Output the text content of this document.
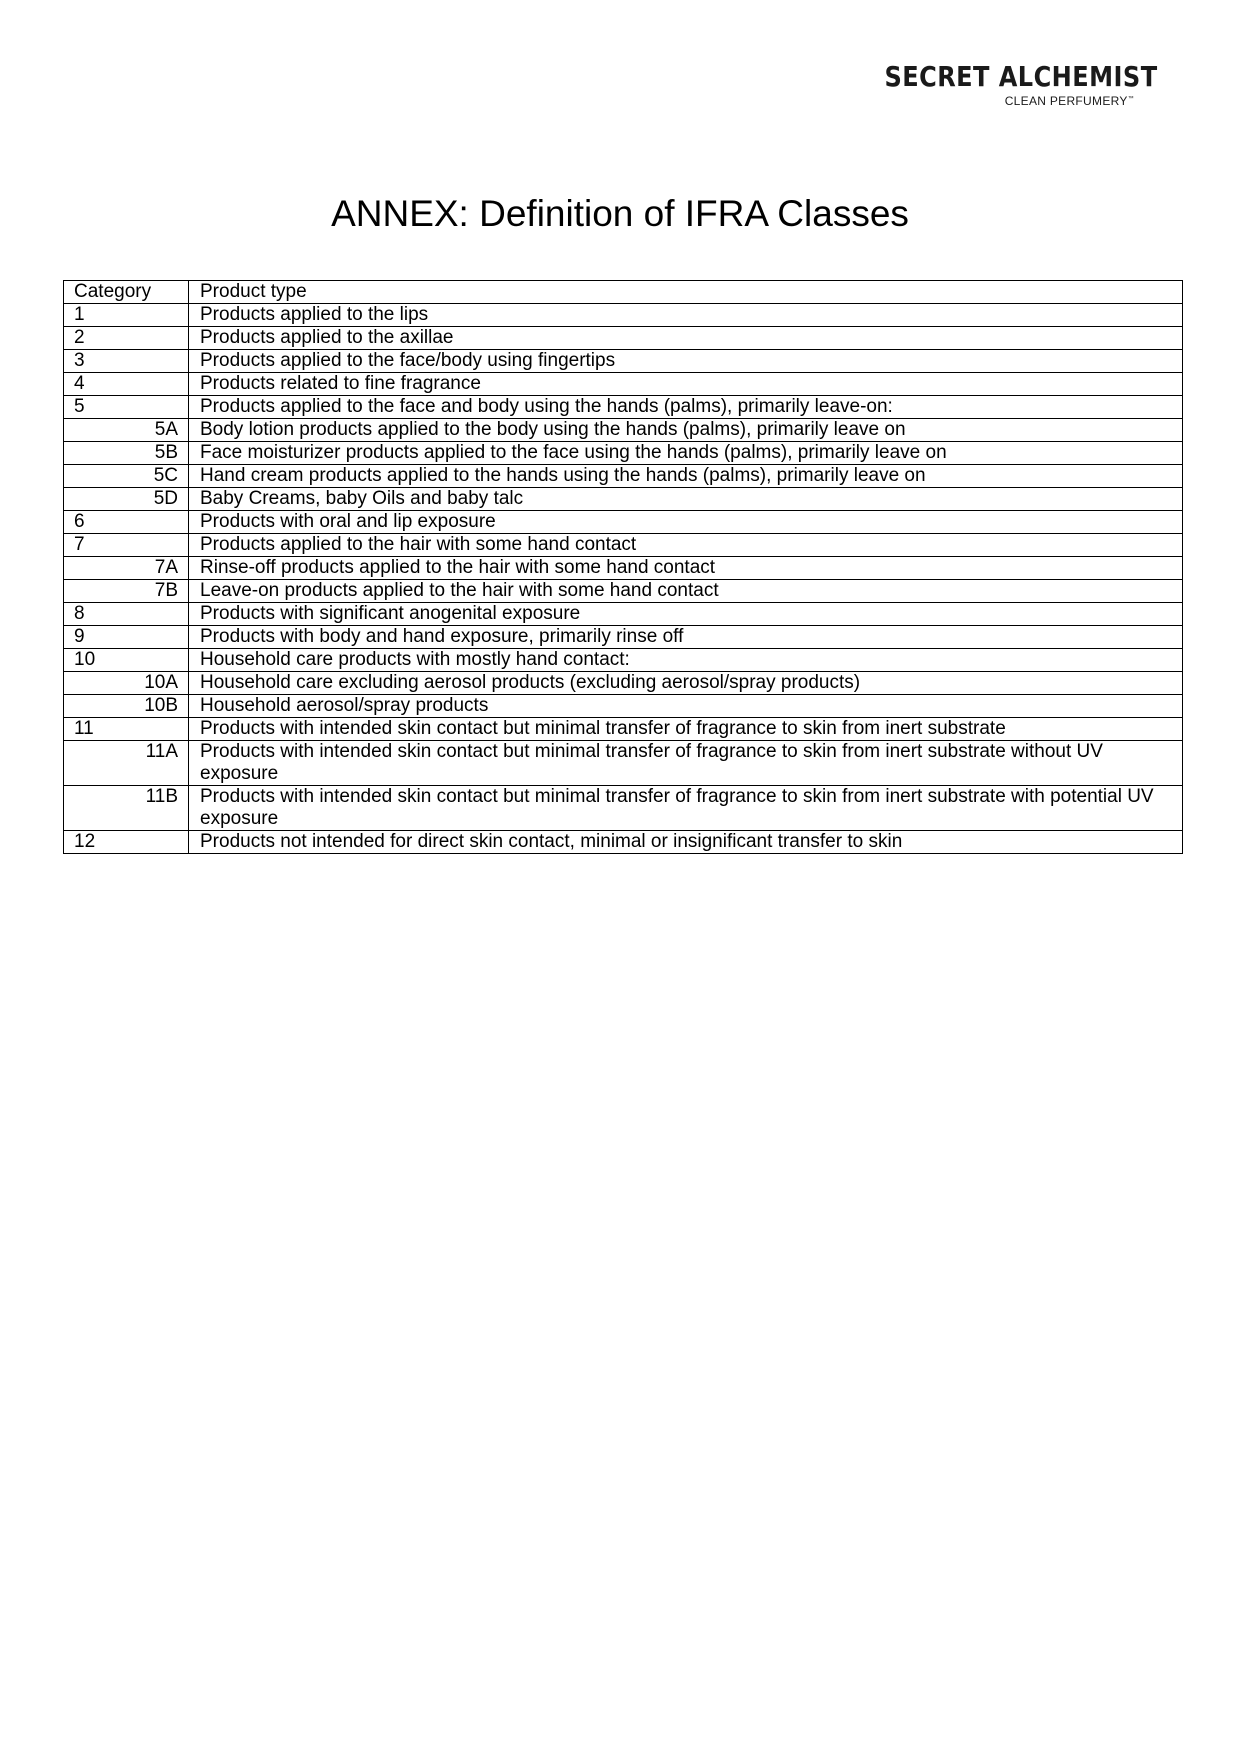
SECRET ALCHEMIST
CLEAN PERFUMERY™
ANNEX: Definition of IFRA Classes
Category	Product type
1	Products applied to the lips
2	Products applied to the axillae
3	Products applied to the face/body using fingertips
4	Products related to fine fragrance
5	Products applied to the face and body using the hands (palms), primarily leave-on:
5A	Body lotion products applied to the body using the hands (palms), primarily leave on
5B	Face moisturizer products applied to the face using the hands (palms), primarily leave on
5C	Hand cream products applied to the hands using the hands (palms), primarily leave on
5D	Baby Creams, baby Oils and baby talc
6	Products with oral and lip exposure
7	Products applied to the hair with some hand contact
7A	Rinse-off products applied to the hair with some hand contact
7B	Leave-on products applied to the hair with some hand contact
8	Products with significant anogenital exposure
9	Products with body and hand exposure, primarily rinse off
10	Household care products with mostly hand contact:
10A	Household care excluding aerosol products (excluding aerosol/spray products)
10B	Household aerosol/spray products
11	Products with intended skin contact but minimal transfer of fragrance to skin from inert substrate
11A	Products with intended skin contact but minimal transfer of fragrance to skin from inert substrate without UV exposure
11B	Products with intended skin contact but minimal transfer of fragrance to skin from inert substrate with potential UV exposure
12	Products not intended for direct skin contact, minimal or insignificant transfer to skin
